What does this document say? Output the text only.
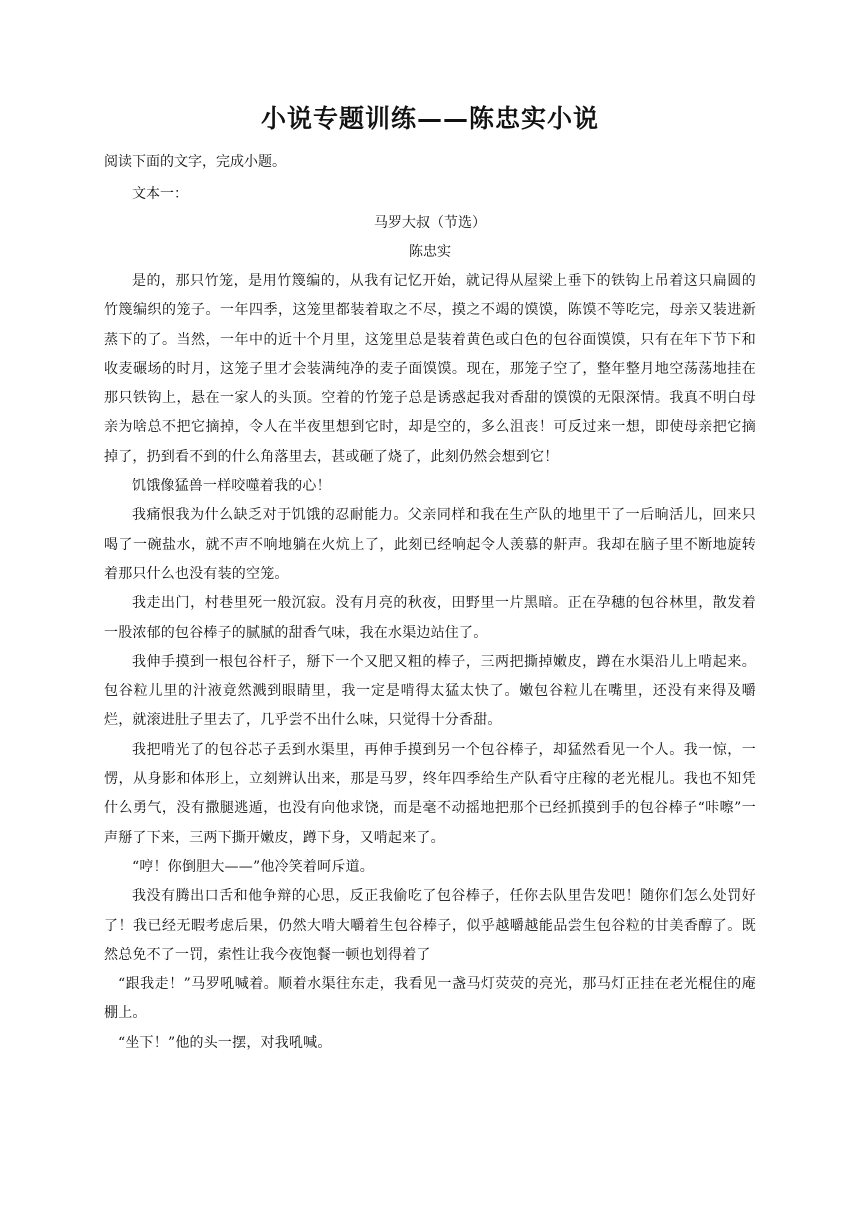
小说专题训练——陈忠实小说
阅读下面的文字，完成小题。
文本一：
马罗大叔（节选）
陈忠实

是的，那只竹笼，是用竹篾编的，从我有记忆开始，就记得从屋梁上垂下的铁钩上吊着这只扁圆的竹篾编织的笼子。一年四季，这笼里都装着取之不尽，摸之不竭的馍馍，陈馍不等吃完，母亲又装进新蒸下的了。当然，一年中的近十个月里，这笼里总是装着黄色或白色的包谷面馍馍，只有在年下节下和收麦碾场的时月，这笼子里才会装满纯净的麦子面馍馍。现在，那笼子空了，整年整月地空荡荡地挂在那只铁钩上，悬在一家人的头顶。空着的竹笼子总是诱惑起我对香甜的馍馍的无限深情。我真不明白母亲为啥总不把它摘掉，令人在半夜里想到它时，却是空的，多么沮丧！可反过来一想，即使母亲把它摘掉了，扔到看不到的什么角落里去，甚或砸了烧了，此刻仍然会想到它！

饥饿像猛兽一样咬噬着我的心！

我痛恨我为什么缺乏对于饥饿的忍耐能力。父亲同样和我在生产队的地里干了一后晌活儿，回来只喝了一碗盐水，就不声不响地躺在火炕上了，此刻已经响起令人羡慕的鼾声。我却在脑子里不断地旋转着那只什么也没有装的空笼。

我走出门，村巷里死一般沉寂。没有月亮的秋夜，田野里一片黑暗。正在孕穗的包谷林里，散发着一股浓郁的包谷棒子的腻腻的甜香气味，我在水渠边站住了。

我伸手摸到一根包谷杆子，掰下一个又肥又粗的棒子，三两把撕掉嫩皮，蹲在水渠沿儿上啃起来。包谷粒儿里的汁液竟然溅到眼睛里，我一定是啃得太猛太快了。嫩包谷粒儿在嘴里，还没有来得及嚼烂，就滚进肚子里去了，几乎尝不出什么味，只觉得十分香甜。

我把啃光了的包谷芯子丢到水渠里，再伸手摸到另一个包谷棒子，却猛然看见一个人。我一惊，一愣，从身影和体形上，立刻辨认出来，那是马罗，终年四季给生产队看守庄稼的老光棍儿。我也不知凭什么勇气，没有撒腿逃遁，也没有向他求饶，而是毫不动摇地把那个已经抓摸到手的包谷棒子“咔嚓”一声掰了下来，三两下撕开嫩皮，蹲下身，又啃起来了。

“哼！你倒胆大——”他冷笑着呵斥道。

我没有腾出口舌和他争辩的心思，反正我偷吃了包谷棒子，任你去队里告发吧！随你们怎么处罚好了！我已经无暇考虑后果，仍然大啃大嚼着生包谷棒子，似乎越嚼越能品尝生包谷粒的甘美香醇了。既然总免不了一罚，索性让我今夜饱餐一顿也划得着了

“跟我走！”马罗吼喊着。顺着水渠往东走，我看见一盏马灯荧荧的亮光，那马灯正挂在老光棍住的庵棚上。

“坐下！”他的头一摆，对我吼喊。
